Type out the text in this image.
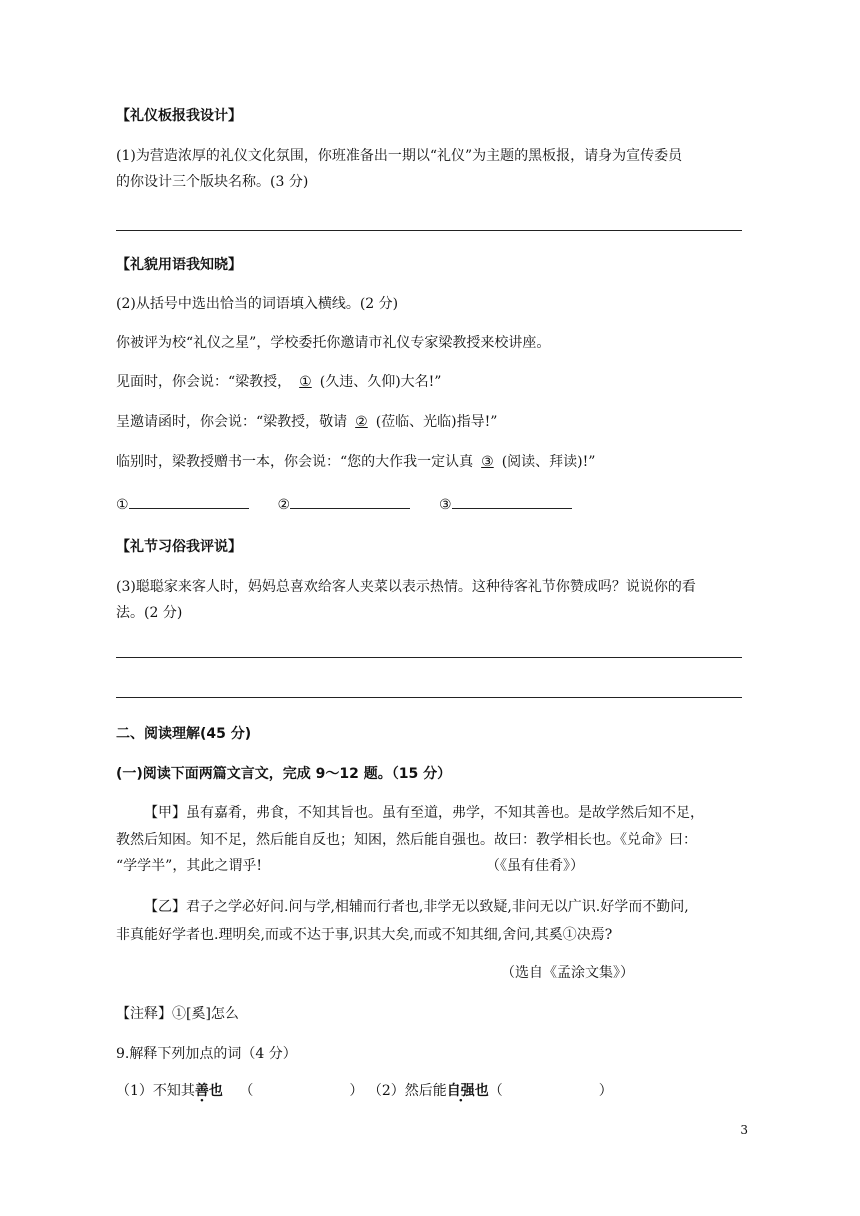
【礼仪板报我设计】
(1)为营造浓厚的礼仪文化氛围，你班准备出一期以“礼仪”为主题的黑板报，请身为宣传委员
的你设计三个版块名称。(3 分)
【礼貌用语我知晓】
(2)从括号中选出恰当的词语填入横线。(2 分)
你被评为校“礼仪之星”，学校委托你邀请市礼仪专家梁教授来校讲座。
见面时，你会说：“梁教授， ① (久违、久仰)大名!”
呈邀请函时，你会说：“梁教授，敬请 ② (莅临、光临)指导!”
临别时，梁教授赠书一本，你会说：“您的大作我一定认真 ③ (阅读、拜读)!”
①	②	③
【礼节习俗我评说】
(3)聪聪家来客人时，妈妈总喜欢给客人夹菜以表示热情。这种待客礼节你赞成吗？说说你的看
法。(2 分)
二、阅读理解(45 分)
(一)阅读下面两篇文言文，完成 9～12 题。（15 分）
【甲】虽有嘉肴，弗食，不知其旨也。虽有至道，弗学，不知其善也。是故学然后知不足，
教然后知困。知不足，然后能自反也；知困，然后能自强也。故曰：教学相长也。《兑命》曰：
“学学半”，其此之谓乎!	（《虽有佳肴》）
【乙】君子之学必好问.问与学,相辅而行者也,非学无以致疑,非问无以广识.好学而不勤问,
非真能好学者也.理明矣,而或不达于事,识其大矣,而或不知其细,舍问,其奚①决焉?
（选自《孟涂文集》）
【注释】①[奚]怎么
9.解释下列加点的词（4 分）
（1）不知其善也 （	） （2）然后能自强也（	）
3
